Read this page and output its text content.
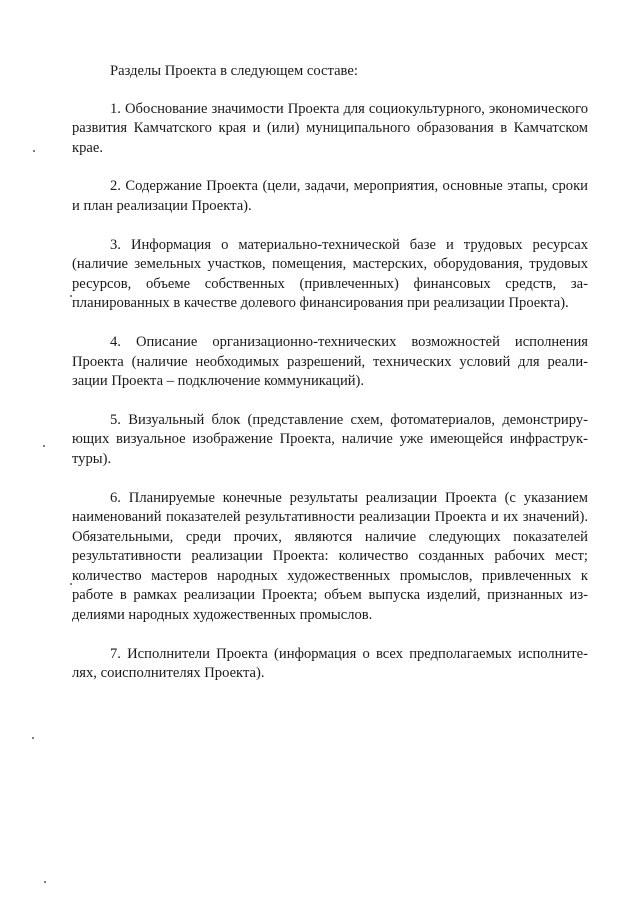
Разделы Проекта в следующем составе:

1. Обоснование значимости Проекта для социокультурного, экономического развития Камчатского края и (или) муниципального образования в Камчатском крае.

2. Содержание Проекта (цели, задачи, мероприятия, основные этапы, сроки и план реализации Проекта).

3. Информация о материально-технической базе и трудовых ресурсах (наличие земельных участков, помещения, мастерских, оборудования, трудовых ресурсов, объеме собственных (привлеченных) финансовых средств, запланированных в качестве долевого финансирования при реализации Проекта).

4. Описание организационно-технических возможностей исполнения Проекта (наличие необходимых разрешений, технических условий для реализации Проекта – подключение коммуникаций).

5. Визуальный блок (представление схем, фотоматериалов, демонстрирующих визуальное изображение Проекта, наличие уже имеющейся инфраструктуры).

6. Планируемые конечные результаты реализации Проекта (с указанием наименований показателей результативности реализации Проекта и их значений). Обязательными, среди прочих, являются наличие следующих показателей результативности реализации Проекта: количество созданных рабочих мест; количество мастеров народных художественных промыслов, привлеченных к работе в рамках реализации Проекта; объем выпуска изделий, признанных изделиями народных художественных промыслов.

7. Исполнители Проекта (информация о всех предполагаемых исполнителях, соисполнителях Проекта).
